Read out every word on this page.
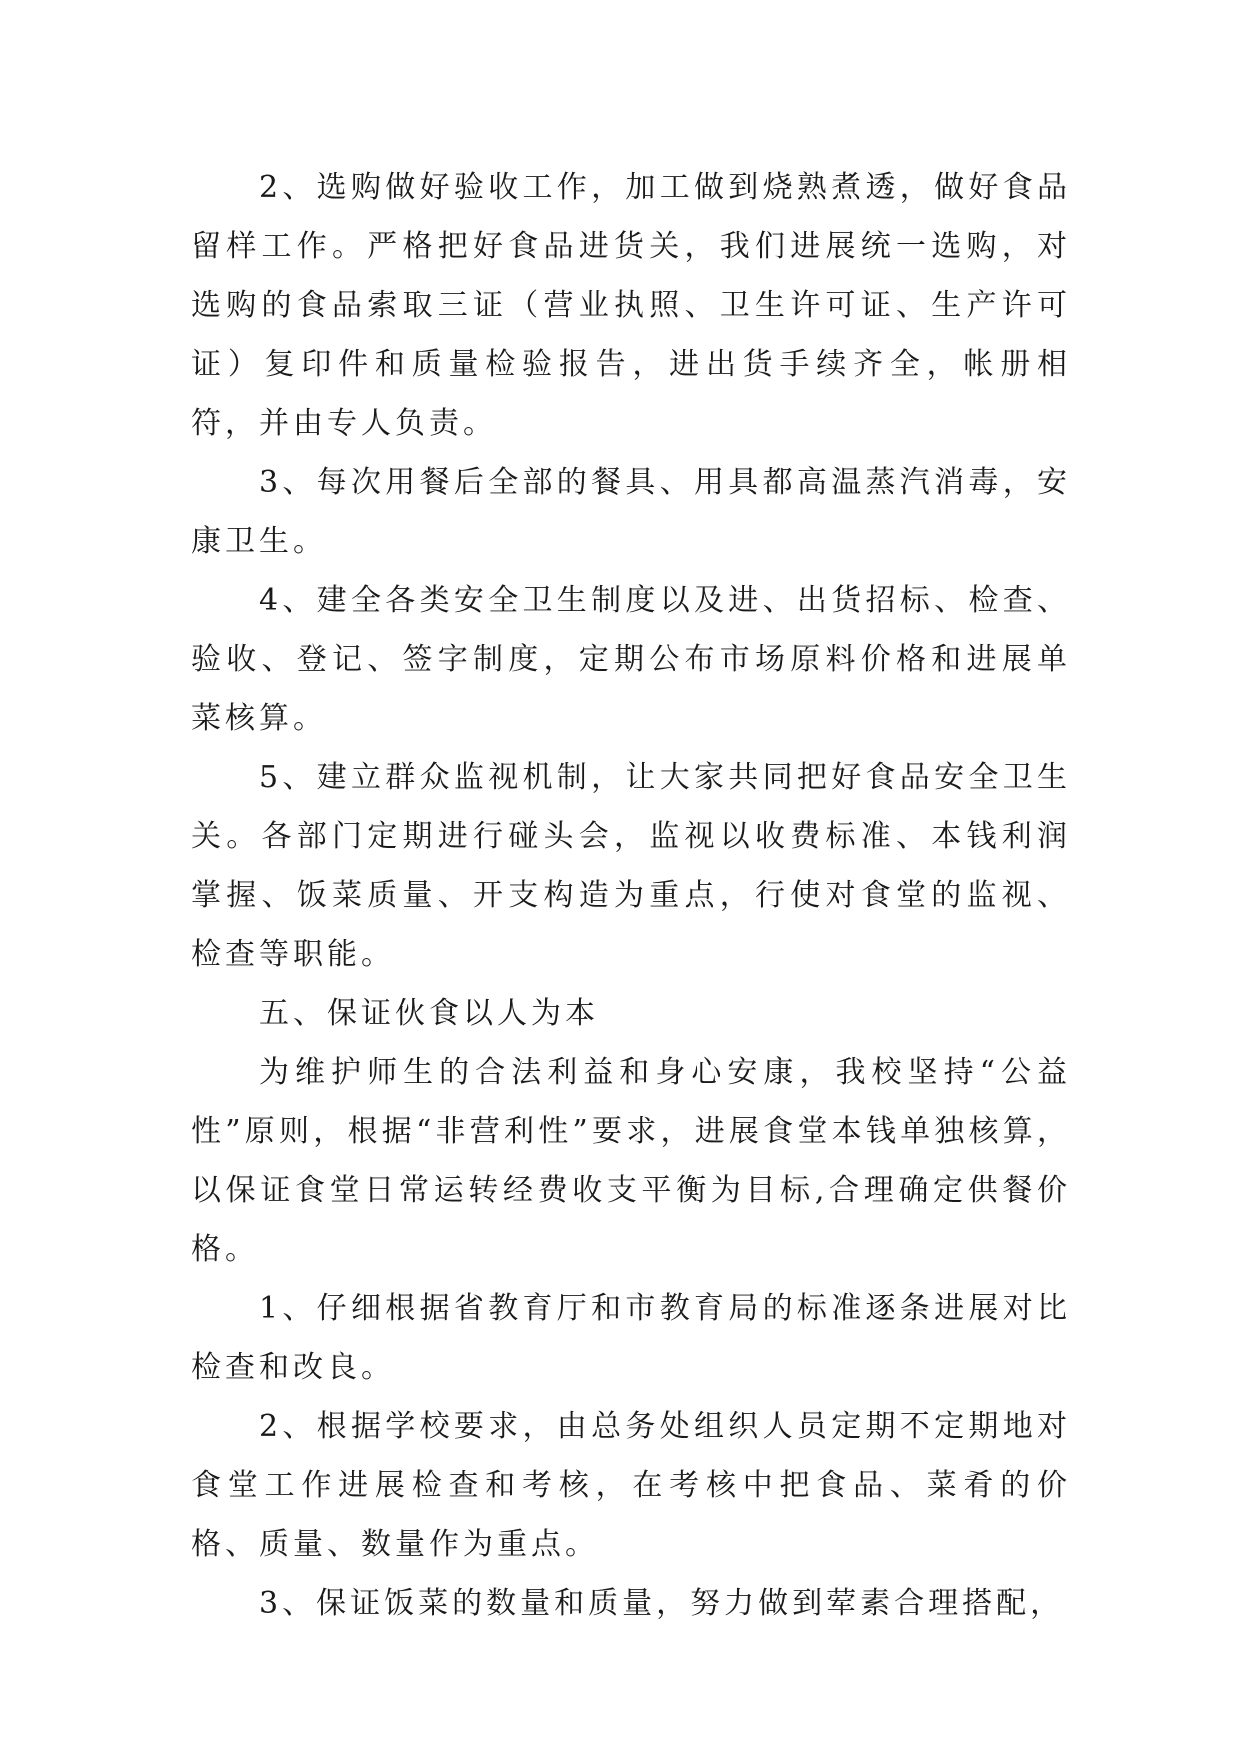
2、选购做好验收工作，加工做到烧熟煮透，做好食品留样工作。严格把好食品进货关，我们进展统一选购，对选购的食品索取三证（营业执照、卫生许可证、生产许可证）复印件和质量检验报告，进出货手续齐全，帐册相符，并由专人负责。

3、每次用餐后全部的餐具、用具都高温蒸汽消毒，安康卫生。

4、建全各类安全卫生制度以及进、出货招标、检查、验收、登记、签字制度，定期公布市场原料价格和进展单菜核算。

5、建立群众监视机制，让大家共同把好食品安全卫生关。各部门定期进行碰头会，监视以收费标准、本钱利润掌握、饭菜质量、开支构造为重点，行使对食堂的监视、检查等职能。

五、保证伙食以人为本

为维护师生的合法利益和身心安康，我校坚持“公益性”原则，根据“非营利性”要求，进展食堂本钱单独核算，以保证食堂日常运转经费收支平衡为目标,合理确定供餐价格。

1、仔细根据省教育厅和市教育局的标准逐条进展对比检查和改良。

2、根据学校要求，由总务处组织人员定期不定期地对食堂工作进展检查和考核，在考核中把食品、菜肴的价格、质量、数量作为重点。

3、保证饭菜的数量和质量，努力做到荤素合理搭配，
